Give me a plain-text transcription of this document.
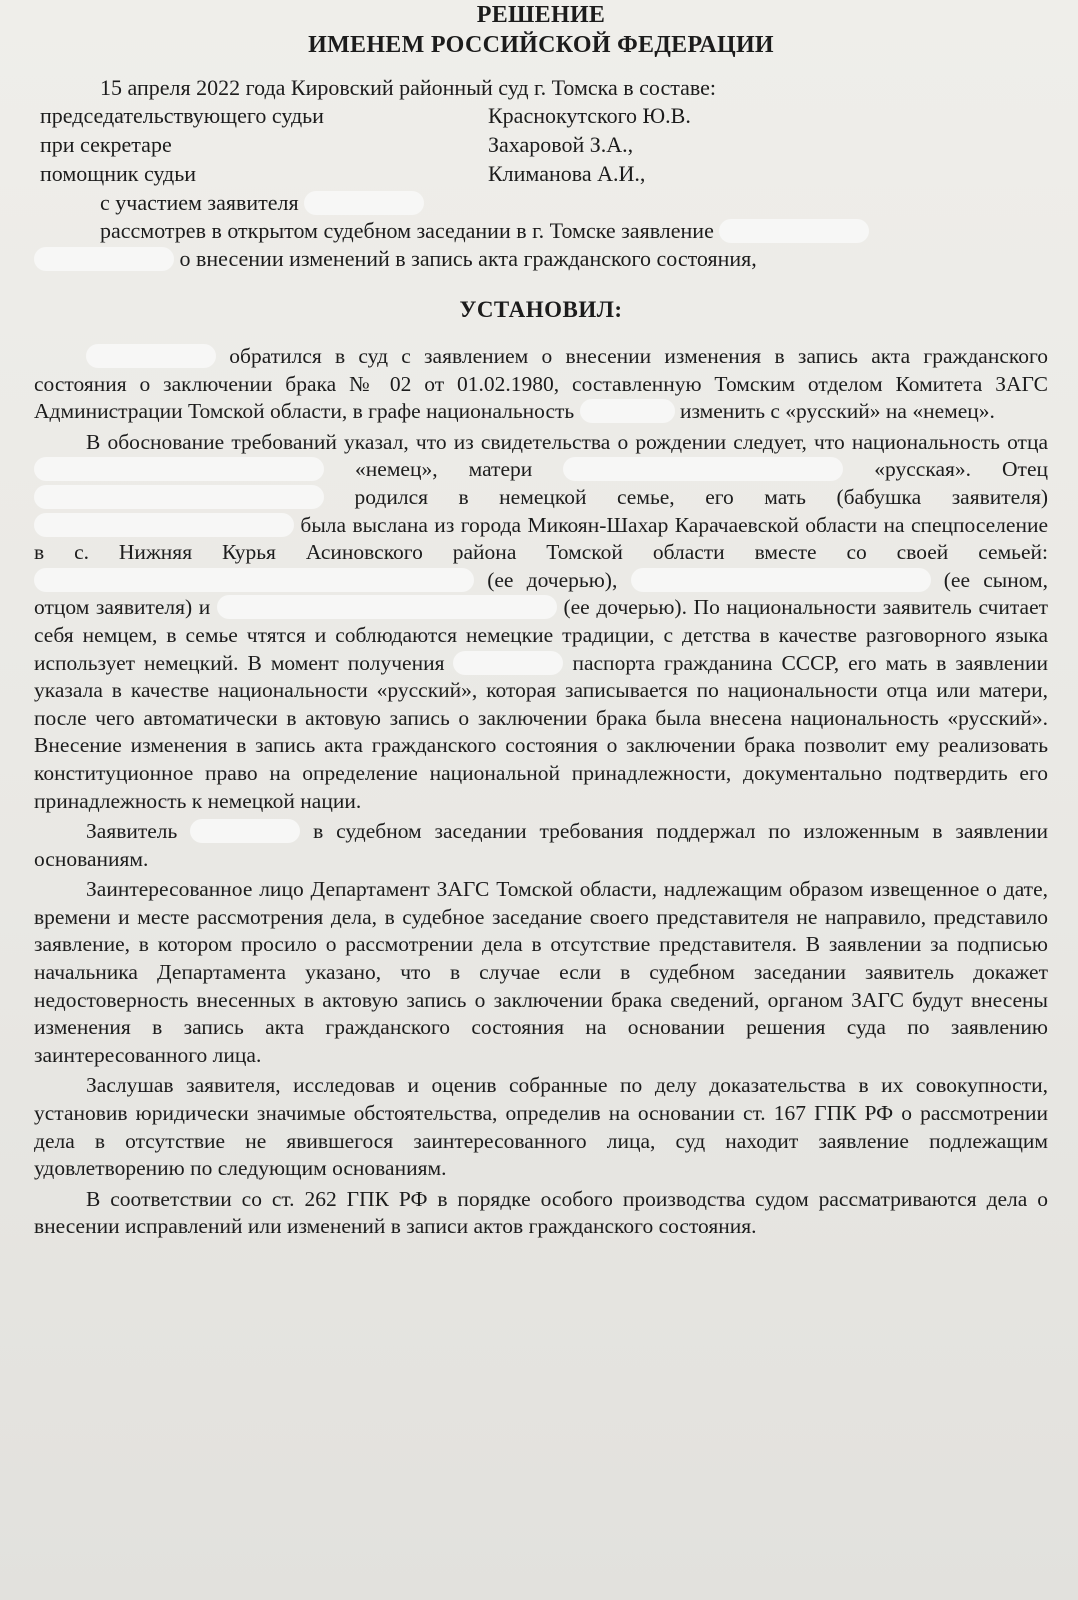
РЕШЕНИЕ
ИМЕНЕМ РОССИЙСКОЙ ФЕДЕРАЦИИ
15 апреля 2022 года Кировский районный суд г. Томска в составе:
председательствующего судьи	Краснокутского Ю.В.
при секретаре	Захаровой З.А.,
помощник судьи	Климанова А.И.,
с участием заявителя
рассмотрев в открытом судебном заседании в г. Томске заявление
о внесении изменений в запись акта гражданского состояния,
УСТАНОВИЛ:

обратился в суд с заявлением о внесении изменения в запись акта гражданского состояния о заключении брака № 02 от 01.02.1980, составленную Томским отделом Комитета ЗАГС Администрации Томской области, в графе национальность	изменить с «русский» на «немец».

В обоснование требований указал, что из свидетельства о рождении следует, что национальность отца  «немец», матери	«русская». Отец  родился в немецкой семье, его мать (бабушка заявителя)  была выслана из города Микоян-Шахар Карачаевской области на спецпоселение в с. Нижняя Курья Асиновского района Томской области вместе со своей семьей:  (ее дочерью),	(ее сыном, отцом заявителя) и	(ее дочерью). По национальности заявитель считает себя немцем, в семье чтятся и соблюдаются немецкие традиции, с детства в качестве разговорного языка использует немецкий. В момент получения	паспорта гражданина СССР, его мать в заявлении указала в качестве национальности «русский», которая записывается по национальности отца или матери, после чего автоматически в актовую запись о заключении брака была внесена национальность «русский». Внесение изменения в запись акта гражданского состояния о заключении брака позволит ему реализовать конституционное право на определение национальной принадлежности, документально подтвердить его принадлежность к немецкой нации.

Заявитель	в судебном заседании требования поддержал по изложенным в заявлении основаниям.

Заинтересованное лицо Департамент ЗАГС Томской области, надлежащим образом извещенное о дате, времени и месте рассмотрения дела, в судебное заседание своего представителя не направило, представило заявление, в котором просило о рассмотрении дела в отсутствие представителя. В заявлении за подписью начальника Департамента указано, что в случае если в судебном заседании заявитель докажет недостоверность внесенных в актовую запись о заключении брака сведений, органом ЗАГС будут внесены изменения в запись акта гражданского состояния на основании решения суда по заявлению заинтересованного лица.

Заслушав заявителя, исследовав и оценив собранные по делу доказательства в их совокупности, установив юридически значимые обстоятельства, определив на основании ст. 167 ГПК РФ о рассмотрении дела в отсутствие не явившегося заинтересованного лица, суд находит заявление подлежащим удовлетворению по следующим основаниям.

В соответствии со ст. 262 ГПК РФ в порядке особого производства судом рассматриваются дела о внесении исправлений или изменений в записи актов гражданского состояния.
